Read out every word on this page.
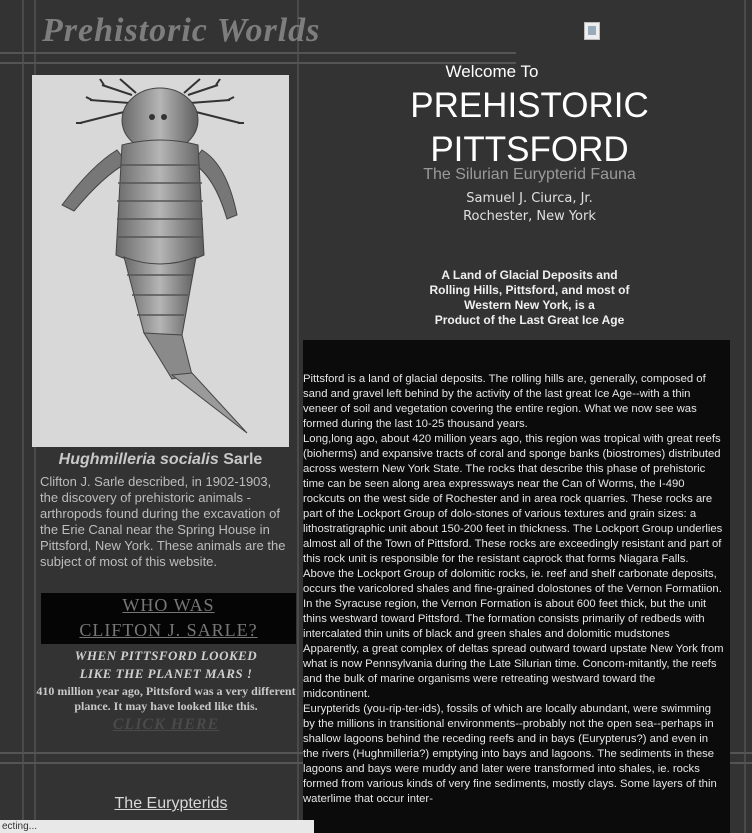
Prehistoric Worlds
Welcome To
PREHISTORIC
PITTSFORD
The Silurian Eurypterid Fauna
Samuel J. Ciurca, Jr.
Rochester, New York
A Land of Glacial Deposits and
Rolling Hills, Pittsford, and most of
Western New York, is a
Product of the Last Great Ice Age
Hughmilleria socialis Sarle
Clifton J. Sarle described, in 1902-1903, the discovery of prehistoric animals - arthropods found during the excavation of the Erie Canal near the Spring House in Pittsford, New York. These animals are the subject of most of this website.
WHO WAS
CLIFTON J. SARLE?
WHEN PITTSFORD LOOKED
LIKE THE PLANET MARS !
410 million year ago, Pittsford was a very different plance. It may have looked like this.
CLICK HERE
The Eurypterids

Pittsford is a land of glacial deposits. The rolling hills are, generally, composed of sand and gravel left behind by the activity of the last great Ice Age--with a thin veneer of soil and vegetation covering the entire region. What we now see was formed during the last 10-25 thousand years.

Long,long ago, about 420 million years ago, this region was tropical with great reefs (bioherms) and expansive tracts of coral and sponge banks (biostromes) distributed across western New York State. The rocks that describe this phase of prehistoric time can be seen along area expressways near the Can of Worms, the I-490 rockcuts on the west side of Rochester and in area rock quarries. These rocks are part of the Lockport Group of dolo-stones of various textures and grain sizes: a lithostratigraphic unit about 150-200 feet in thickness. The Lockport Group underlies almost all of the Town of Pittsford. These rocks are exceedingly resistant and part of this rock unit is responsible for the resistant caprock that forms Niagara Falls.

Above the Lockport Group of dolomitic rocks, ie. reef and shelf carbonate deposits, occurs the varicolored shales and fine-grained dolostones of the Vernon Formatiion. In the Syracuse region, the Vernon Formation is about 600 feet thick, but the unit thins westward toward Pittsford. The formation consists primarily of redbeds with intercalated thin units of black and green shales and dolomitic mudstones

Apparently, a great complex of deltas spread outward toward upstate New York from what is now Pennsylvania during the Late Silurian time. Concom-mitantly, the reefs and the bulk of marine organisms were retreating westward toward the midcontinent.

Eurypterids (you-rip-ter-ids), fossils of which are locally abundant, were swimming by the millions in transitional environments--probably not the open sea--perhaps in shallow lagoons behind the receding reefs and in bays (Eurypterus?) and even in the rivers (Hughmilleria?) emptying into bays and lagoons. The sediments in these lagoons and bays were muddy and later were transformed into shales, ie. rocks formed from various kinds of very fine sediments, mostly clays. Some layers of thin waterlime that occur inter-

ecting...
